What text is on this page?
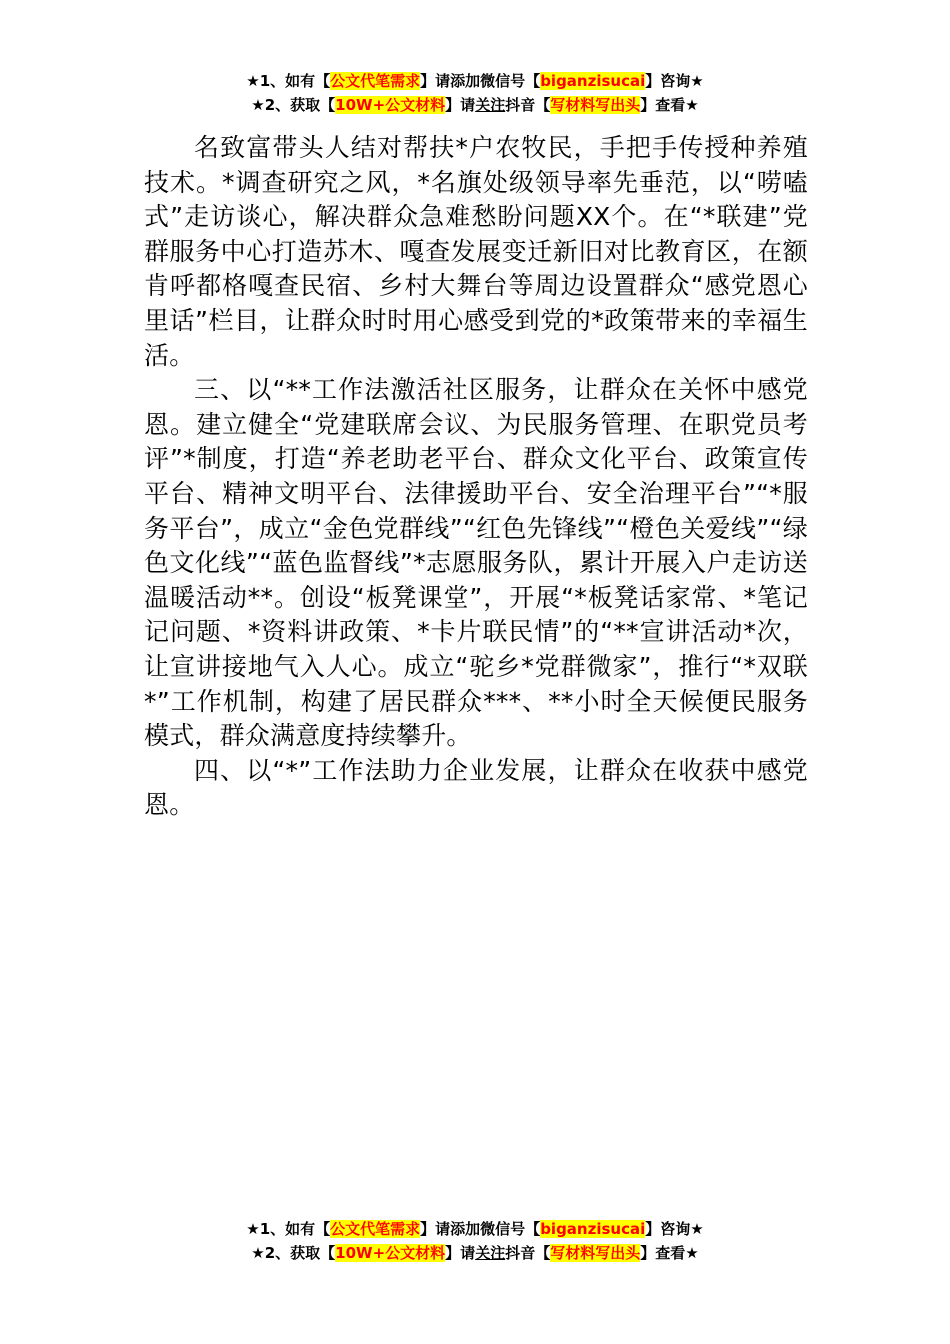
★1、如有【公文代笔需求】请添加微信号【biganzisucai】咨询★
★2、获取【10W+公文材料】请关注抖音【写材料写出头】查看★

名致富带头人结对帮扶*户农牧民，手把手传授种养殖技术。*调查研究之风，*名旗处级领导率先垂范，以“唠嗑式”走访谈心，解决群众急难愁盼问题XX个。在“*联建”党群服务中心打造苏木、嘎查发展变迁新旧对比教育区，在额肯呼都格嘎查民宿、乡村大舞台等周边设置群众“感党恩心里话”栏目，让群众时时用心感受到党的*政策带来的幸福生活。

三、以“**工作法激活社区服务，让群众在关怀中感党恩。建立健全“党建联席会议、为民服务管理、在职党员考评”*制度，打造“养老助老平台、群众文化平台、政策宣传平台、精神文明平台、法律援助平台、安全治理平台”“*服务平台”，成立“金色党群线”“红色先锋线”“橙色关爱线”“绿色文化线”“蓝色监督线”*志愿服务队，累计开展入户走访送温暖活动**。创设“板凳课堂”，开展“*板凳话家常、*笔记记问题、*资料讲政策、*卡片联民情”的“**宣讲活动*次，让宣讲接地气入人心。成立“驼乡*党群微家”，推行“*双联*”工作机制，构建了居民群众***、**小时全天候便民服务模式，群众满意度持续攀升。

四、以“*”工作法助力企业发展，让群众在收获中感党恩。

★1、如有【公文代笔需求】请添加微信号【biganzisucai】咨询★
★2、获取【10W+公文材料】请关注抖音【写材料写出头】查看★
